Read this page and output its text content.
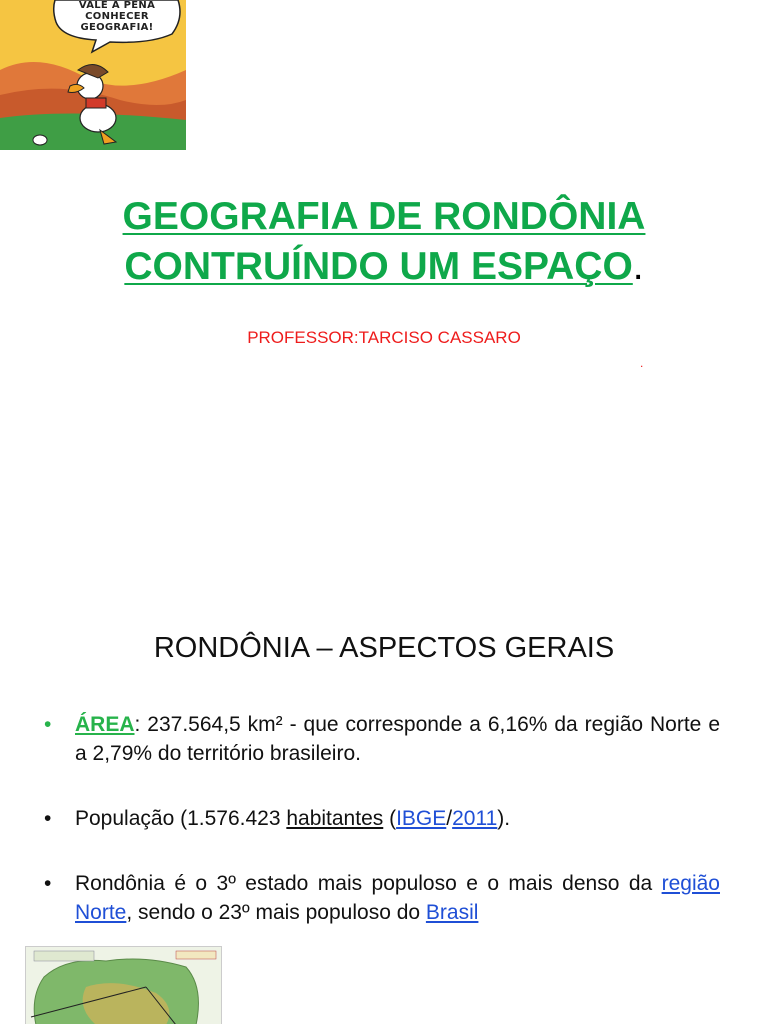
VALE A PENA
CONHECER
GEOGRAFIA!
GEOGRAFIA DE RONDÔNIA
CONTRUÍNDO UM ESPAÇO.
PROFESSOR:TARCISO CASSARO
.
RONDÔNIA – ASPECTOS GERAIS
• ÁREA: 237.564,5 km² - que corresponde a 6,16% da região Norte e a 2,79% do território brasileiro.
• População (1.576.423 habitantes (IBGE/2011).
• Rondônia é o 3º estado mais populoso e o mais denso da região Norte, sendo o 23º mais populoso do Brasil
